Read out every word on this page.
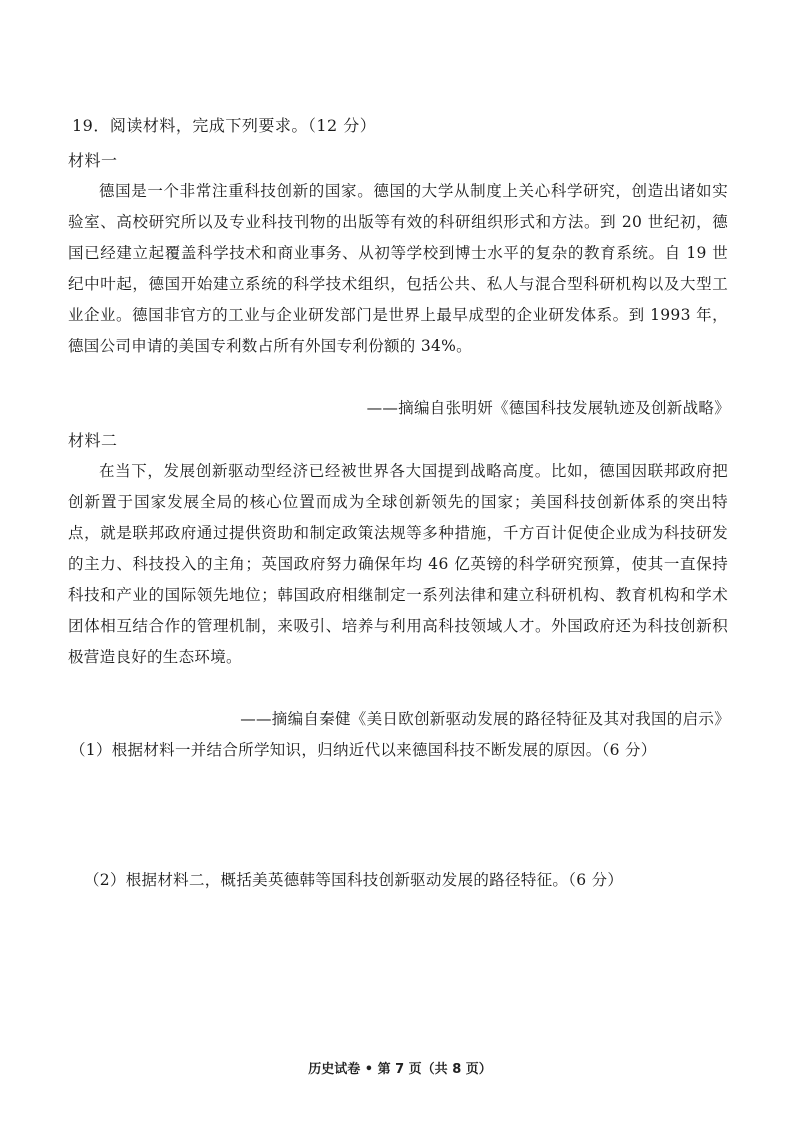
19．阅读材料，完成下列要求。（12 分）
材料一
德国是一个非常注重科技创新的国家。德国的大学从制度上关心科学研究，创造出诸如实验室、高校研究所以及专业科技刊物的出版等有效的科研组织形式和方法。到 20 世纪初，德国已经建立起覆盖科学技术和商业事务、从初等学校到博士水平的复杂的教育系统。自 19 世纪中叶起，德国开始建立系统的科学技术组织，包括公共、私人与混合型科研机构以及大型工业企业。德国非官方的工业与企业研发部门是世界上最早成型的企业研发体系。到 1993 年，德国公司申请的美国专利数占所有外国专利份额的 34%。
——摘编自张明妍《德国科技发展轨迹及创新战略》
材料二
在当下，发展创新驱动型经济已经被世界各大国提到战略高度。比如，德国因联邦政府把创新置于国家发展全局的核心位置而成为全球创新领先的国家；美国科技创新体系的突出特点，就是联邦政府通过提供资助和制定政策法规等多种措施，千方百计促使企业成为科技研发的主力、科技投入的主角；英国政府努力确保年均 46 亿英镑的科学研究预算，使其一直保持科技和产业的国际领先地位；韩国政府相继制定一系列法律和建立科研机构、教育机构和学术团体相互结合作的管理机制，来吸引、培养与利用高科技领域人才。外国政府还为科技创新积极营造良好的生态环境。
——摘编自秦健《美日欧创新驱动发展的路径特征及其对我国的启示》
（1）根据材料一并结合所学知识，归纳近代以来德国科技不断发展的原因。（6 分）
（2）根据材料二，概括美英德韩等国科技创新驱动发展的路径特征。（6 分）
历史试卷 • 第 7 页（共 8 页）
